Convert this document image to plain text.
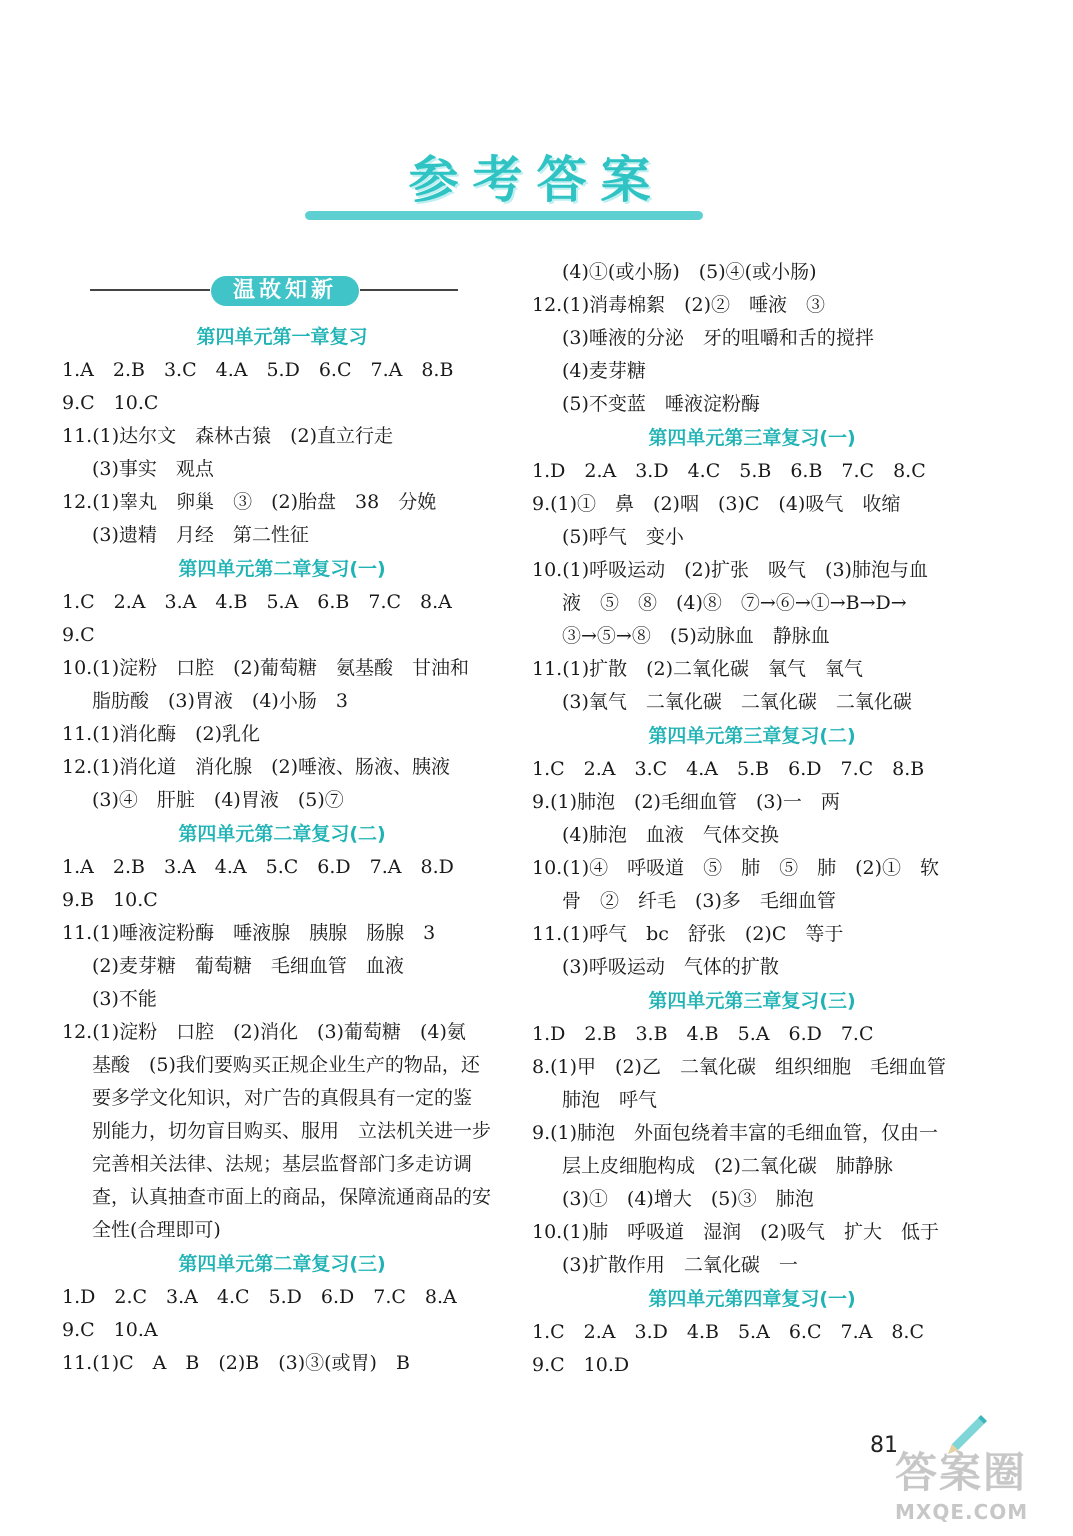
参考答案
温故知新
第四单元第一章复习
1.A　2.B　3.C　4.A　5.D　6.C　7.A　8.B
9.C　10.C
11.(1)达尔文　森林古猿　(2)直立行走
(3)事实　观点
12.(1)睾丸　卵巢　③　(2)胎盘　38　分娩
(3)遗精　月经　第二性征
第四单元第二章复习(一)
1.C　2.A　3.A　4.B　5.A　6.B　7.C　8.A
9.C
10.(1)淀粉　口腔　(2)葡萄糖　氨基酸　甘油和
脂肪酸　(3)胃液　(4)小肠　3
11.(1)消化酶　(2)乳化
12.(1)消化道　消化腺　(2)唾液、肠液、胰液
(3)④　肝脏　(4)胃液　(5)⑦
第四单元第二章复习(二)
1.A　2.B　3.A　4.A　5.C　6.D　7.A　8.D
9.B　10.C
11.(1)唾液淀粉酶　唾液腺　胰腺　肠腺　3
(2)麦芽糖　葡萄糖　毛细血管　血液
(3)不能
12.(1)淀粉　口腔　(2)消化　(3)葡萄糖　(4)氨
基酸　(5)我们要购买正规企业生产的物品，还
要多学文化知识，对广告的真假具有一定的鉴
别能力，切勿盲目购买、服用　立法机关进一步
完善相关法律、法规；基层监督部门多走访调
查，认真抽查市面上的商品，保障流通商品的安
全性(合理即可)
第四单元第二章复习(三)
1.D　2.C　3.A　4.C　5.D　6.D　7.C　8.A
9.C　10.A
11.(1)C　A　B　(2)B　(3)③(或胃)　B
(4)①(或小肠)　(5)④(或小肠)
12.(1)消毒棉絮　(2)②　唾液　③
(3)唾液的分泌　牙的咀嚼和舌的搅拌
(4)麦芽糖
(5)不变蓝　唾液淀粉酶
第四单元第三章复习(一)
1.D　2.A　3.D　4.C　5.B　6.B　7.C　8.C
9.(1)①　鼻　(2)咽　(3)C　(4)吸气　收缩
(5)呼气　变小
10.(1)呼吸运动　(2)扩张　吸气　(3)肺泡与血
液　⑤　⑧　(4)⑧　⑦→⑥→①→B→D→
③→⑤→⑧　(5)动脉血　静脉血
11.(1)扩散　(2)二氧化碳　氧气　氧气
(3)氧气　二氧化碳　二氧化碳　二氧化碳
第四单元第三章复习(二)
1.C　2.A　3.C　4.A　5.B　6.D　7.C　8.B
9.(1)肺泡　(2)毛细血管　(3)一　两
(4)肺泡　血液　气体交换
10.(1)④　呼吸道　⑤　肺　⑤　肺　(2)①　软
骨　②　纤毛　(3)多　毛细血管
11.(1)呼气　bc　舒张　(2)C　等于
(3)呼吸运动　气体的扩散
第四单元第三章复习(三)
1.D　2.B　3.B　4.B　5.A　6.D　7.C
8.(1)甲　(2)乙　二氧化碳　组织细胞　毛细血管
肺泡　呼气
9.(1)肺泡　外面包绕着丰富的毛细血管，仅由一
层上皮细胞构成　(2)二氧化碳　肺静脉
(3)①　(4)增大　(5)③　肺泡
10.(1)肺　呼吸道　湿润　(2)吸气　扩大　低于
(3)扩散作用　二氧化碳　一
第四单元第四章复习(一)
1.C　2.A　3.D　4.B　5.A　6.C　7.A　8.C
9.C　10.D
81
答案圈
MXQE.COM
